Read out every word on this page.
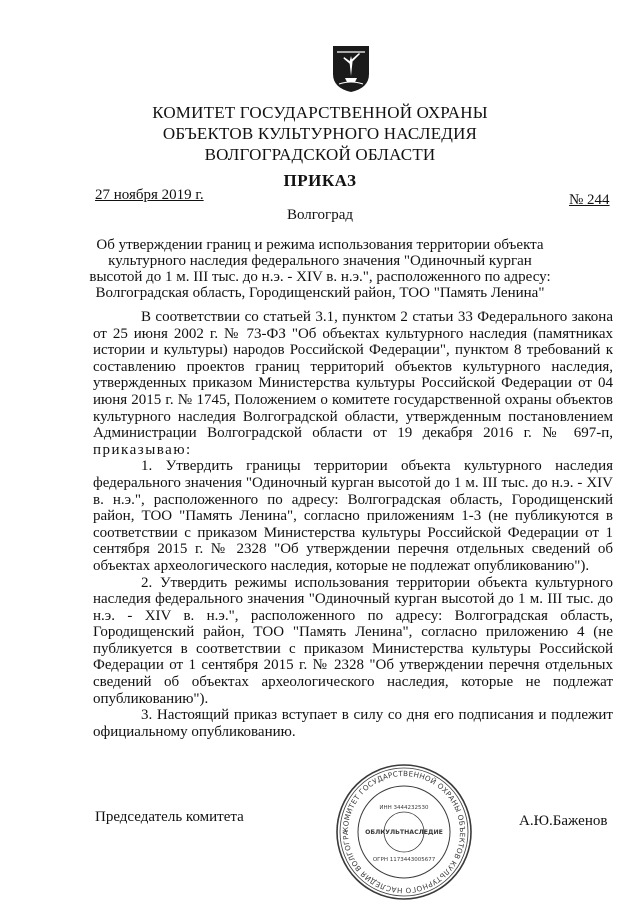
КОМИТЕТ ГОСУДАРСТВЕННОЙ ОХРАНЫ
ОБЪЕКТОВ КУЛЬТУРНОГО НАСЛЕДИЯ
ВОЛГОГРАДСКОЙ ОБЛАСТИ
ПРИКАЗ
27 ноября 2019 г.	№ 244
Волгоград
Об утверждении границ и режима использования территории объекта
культурного наследия федерального значения "Одиночный курган
высотой до 1 м. III тыс. до н.э. - XIV в. н.э.", расположенного по адресу:
Волгоградская область, Городищенский район, ТОО "Память Ленина"

В соответствии со статьей 3.1, пунктом 2 статьи 33 Федерального закона от 25 июня 2002 г. № 73-ФЗ "Об объектах культурного наследия (памятниках истории и культуры) народов Российской Федерации", пунктом 8 требований к составлению проектов границ территорий объектов культурного наследия, утвержденных приказом Министерства культуры Российской Федерации от 04 июня 2015 г. № 1745, Положением о комитете государственной охраны объектов культурного наследия Волгоградской области, утвержденным постановлением Администрации Волгоградской области от 19 декабря 2016 г. № 697-п, приказываю:

1. Утвердить границы территории объекта культурного наследия федерального значения "Одиночный курган высотой до 1 м. III тыс. до н.э. - XIV в. н.э.", расположенного по адресу: Волгоградская область, Городищенский район, ТОО "Память Ленина", согласно приложениям 1-3 (не публикуются в соответствии с приказом Министерства культуры Российской Федерации от 1 сентября 2015 г. № 2328 "Об утверждении перечня отдельных сведений об объектах археологического наследия, которые не подлежат опубликованию").

2. Утвердить режимы использования территории объекта культурного наследия федерального значения "Одиночный курган высотой до 1 м. III тыс. до н.э. - XIV в. н.э.", расположенного по адресу: Волгоградская область, Городищенский район, ТОО "Память Ленина", согласно приложению 4 (не публикуется в соответствии с приказом Министерства культуры Российской Федерации от 1 сентября 2015 г. № 2328 "Об утверждении перечня отдельных сведений об объектах археологического наследия, которые не подлежат опубликованию").

3. Настоящий приказ вступает в силу со дня его подписания и подлежит официальному опубликованию.

Председатель комитета	А.Ю.Баженов
КОМИТЕТ ГОСУДАРСТВЕННОЙ ОХРАНЫ ОБЪЕКТОВ КУЛЬТУРНОГО НАСЛЕДИЯ ВОЛГОГРА
ИНН 3444232530
ОБЛКУЛЬТНАСЛЕДИЕ
ОГРН 1173443005677
